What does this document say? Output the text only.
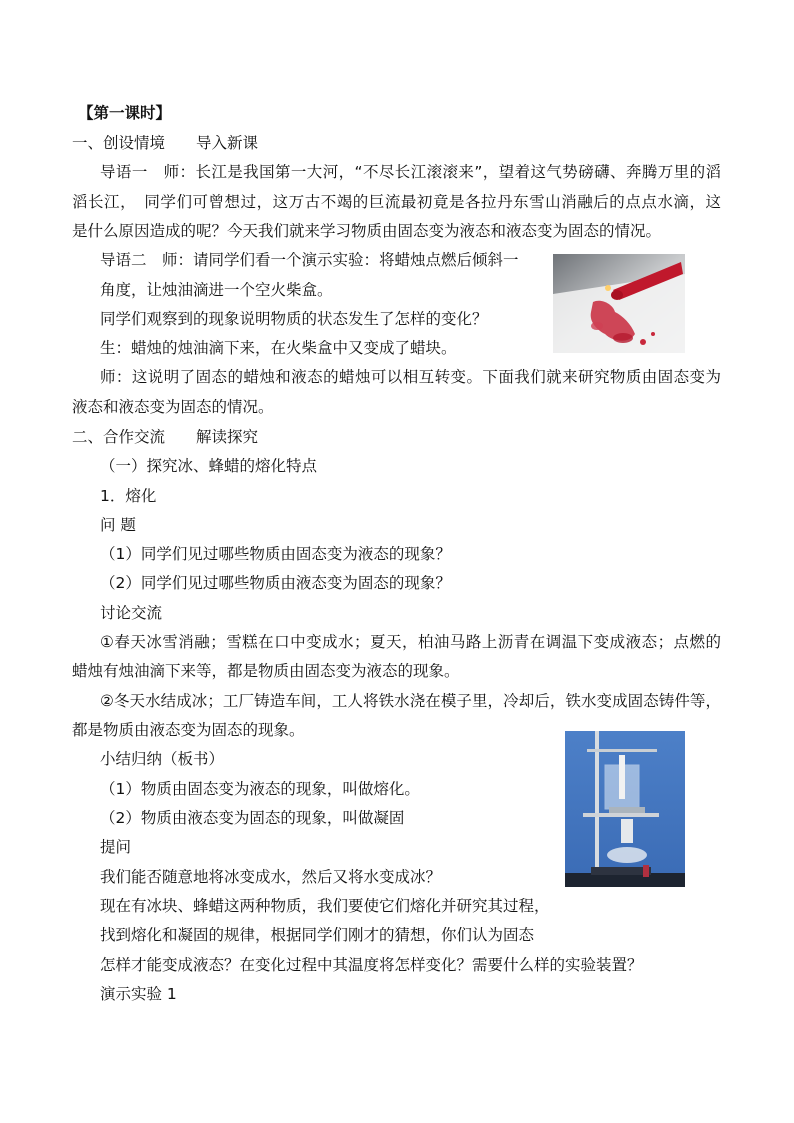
【第一课时】
一、创设情境　　导入新课
导语一　师：长江是我国第一大河，“不尽长江滚滚来”，望着这气势磅礴、奔腾万里的滔
滔长江，　同学们可曾想过，这万古不竭的巨流最初竟是各拉丹东雪山消融后的点点水滴，这
是什么原因造成的呢？今天我们就来学习物质由固态变为液态和液态变为固态的情况。
导语二　师：请同学们看一个演示实验：将蜡烛点燃后倾斜一
角度，让烛油滴进一个空火柴盒。
同学们观察到的现象说明物质的状态发生了怎样的变化？
生：蜡烛的烛油滴下来，在火柴盒中又变成了蜡块。
师：这说明了固态的蜡烛和液态的蜡烛可以相互转变。下面我们就来研究物质由固态变为
液态和液态变为固态的情况。
二、合作交流　　解读探究
（一）探究冰、蜂蜡的熔化特点
1．熔化
问 题
（1）同学们见过哪些物质由固态变为液态的现象？
（2）同学们见过哪些物质由液态变为固态的现象？
讨论交流
①春天冰雪消融；雪糕在口中变成水；夏天，柏油马路上沥青在调温下变成液态；点燃的
蜡烛有烛油滴下来等，都是物质由固态变为液态的现象。
②冬天水结成冰；工厂铸造车间，工人将铁水浇在模子里，冷却后，铁水变成固态铸件等，
都是物质由液态变为固态的现象。
小结归纳（板书）
（1）物质由固态变为液态的现象，叫做熔化。
（2）物质由液态变为固态的现象，叫做凝固
提问
我们能否随意地将冰变成水，然后又将水变成冰？
现在有冰块、蜂蜡这两种物质，我们要使它们熔化并研究其过程，
找到熔化和凝固的规律，根据同学们刚才的猜想，你们认为固态
怎样才能变成液态？在变化过程中其温度将怎样变化？需要什么样的实验装置？
演示实验 1
